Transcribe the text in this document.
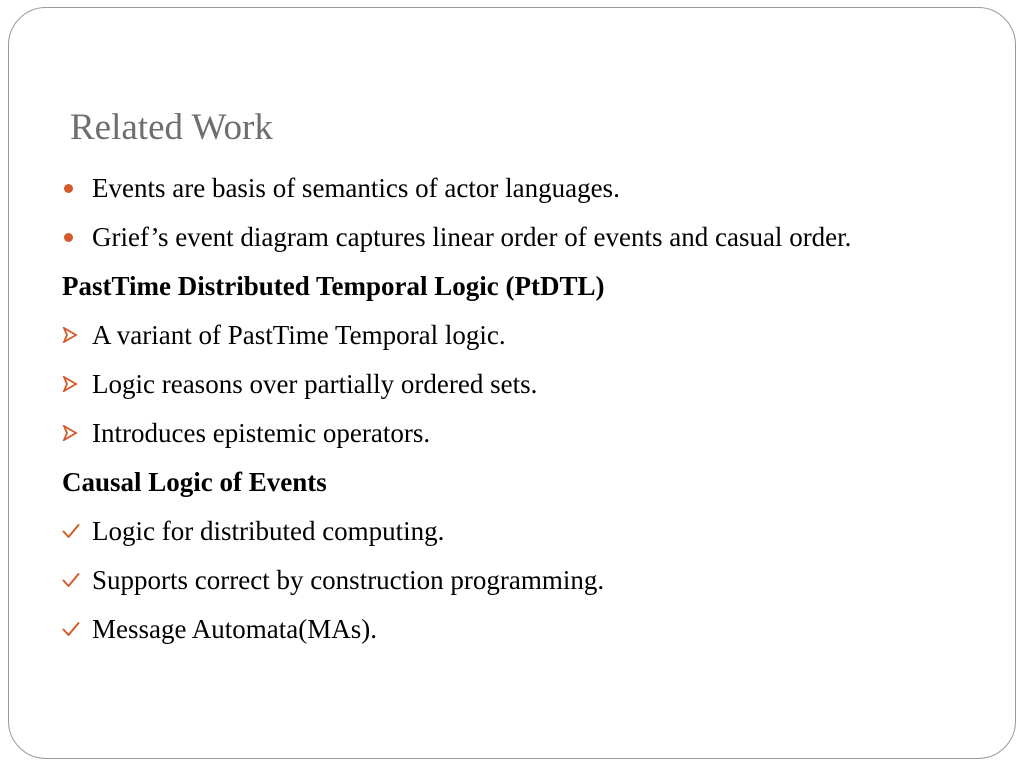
Related Work
Events are basis of semantics of actor languages.
Grief’s event diagram captures linear order of events and casual order.
PastTime Distributed Temporal Logic (PtDTL)
A variant of PastTime Temporal logic.
Logic reasons over partially ordered sets.
Introduces epistemic operators.
Causal Logic of Events
Logic for distributed computing.
Supports correct by construction programming.
Message Automata(MAs).
